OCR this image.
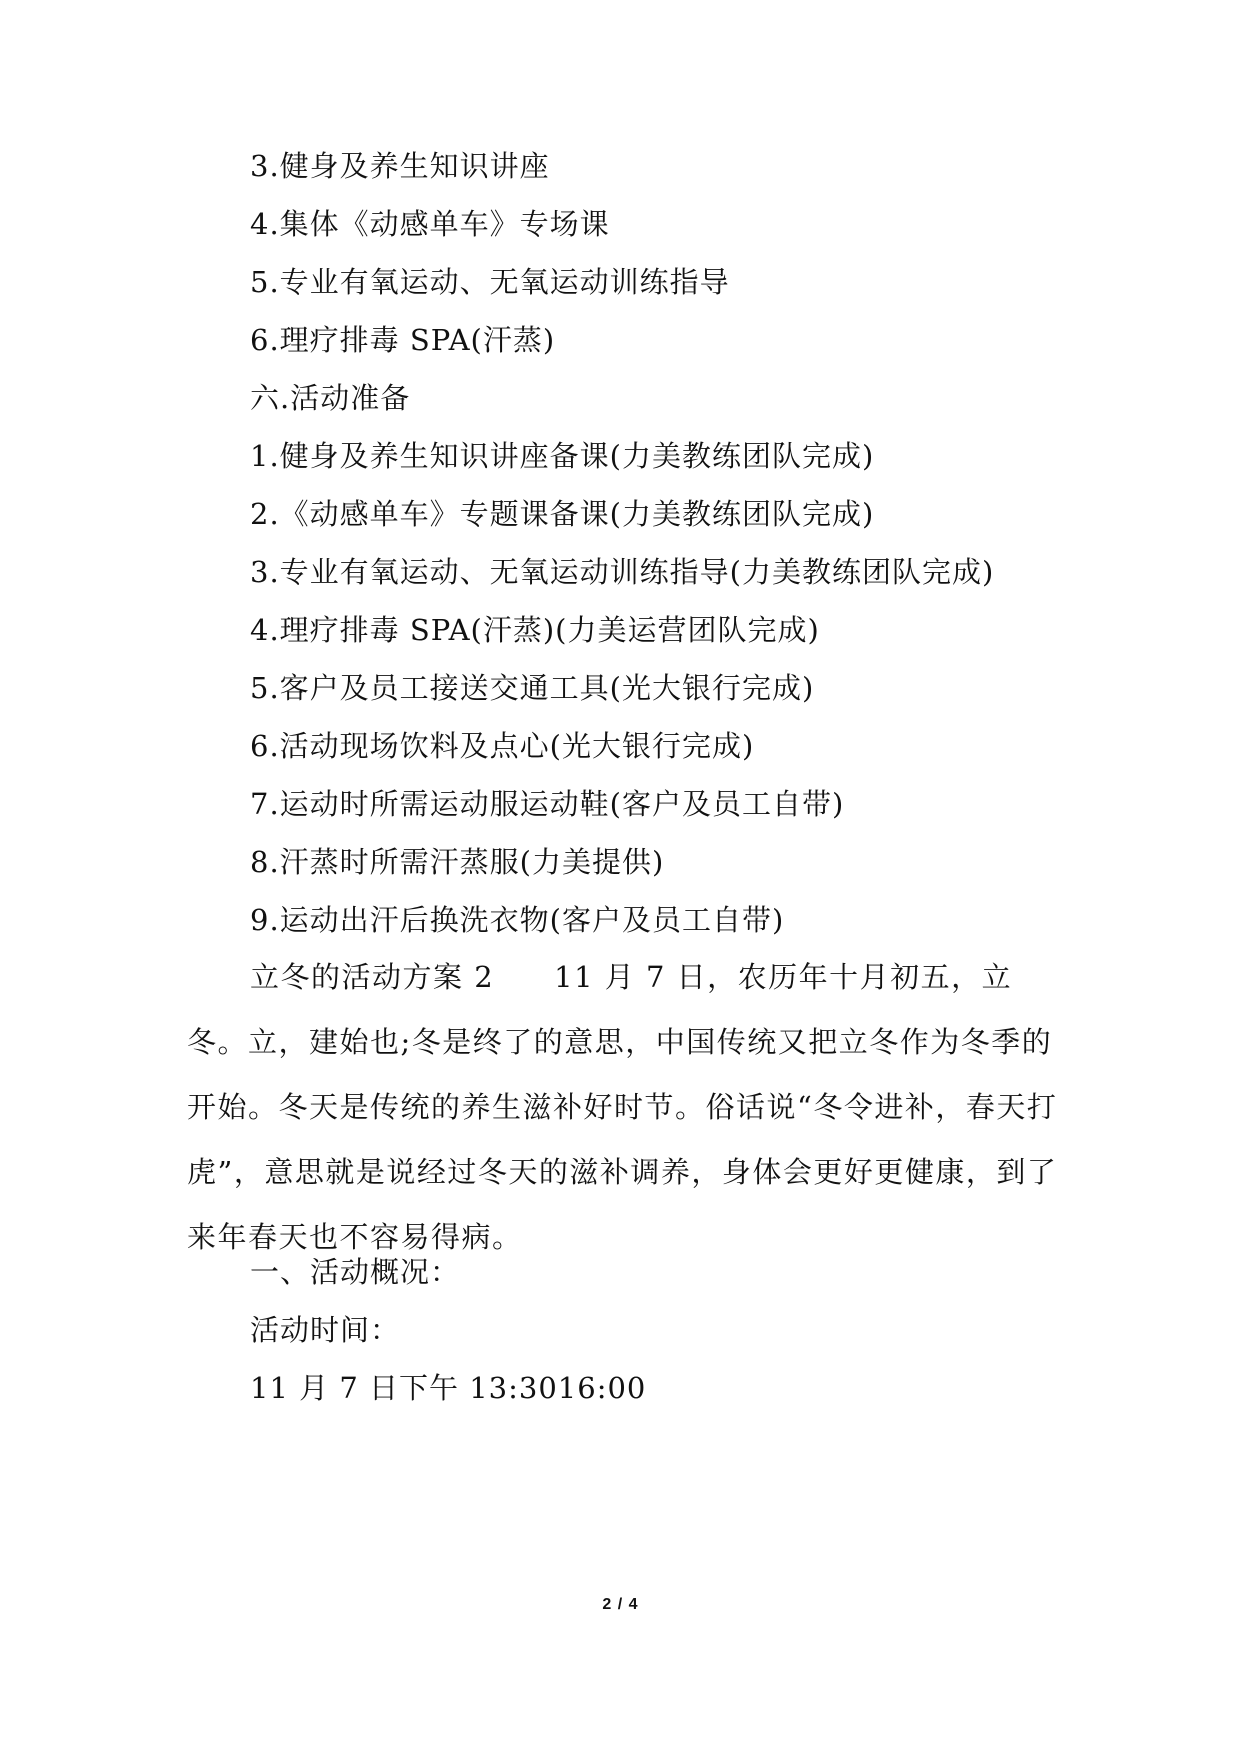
3.健身及养生知识讲座
4.集体《动感单车》专场课
5.专业有氧运动、无氧运动训练指导
6.理疗排毒 SPA(汗蒸)
六.活动准备
1.健身及养生知识讲座备课(力美教练团队完成)
2.《动感单车》专题课备课(力美教练团队完成)
3.专业有氧运动、无氧运动训练指导(力美教练团队完成)
4.理疗排毒 SPA(汗蒸)(力美运营团队完成)
5.客户及员工接送交通工具(光大银行完成)
6.活动现场饮料及点心(光大银行完成)
7.运动时所需运动服运动鞋(客户及员工自带)
8.汗蒸时所需汗蒸服(力美提供)
9.运动出汗后换洗衣物(客户及员工自带)
立冬的活动方案 2 11 月 7 日，农历年十月初五，立冬。立，建始也;冬是终了的意思，中国传统又把立冬作为冬季的开始。冬天是传统的养生滋补好时节。俗话说“冬令进补，春天打虎”，意思就是说经过冬天的滋补调养，身体会更好更健康，到了来年春天也不容易得病。
一、活动概况：
活动时间：
11 月 7 日下午 13:3016:00
2 / 4
